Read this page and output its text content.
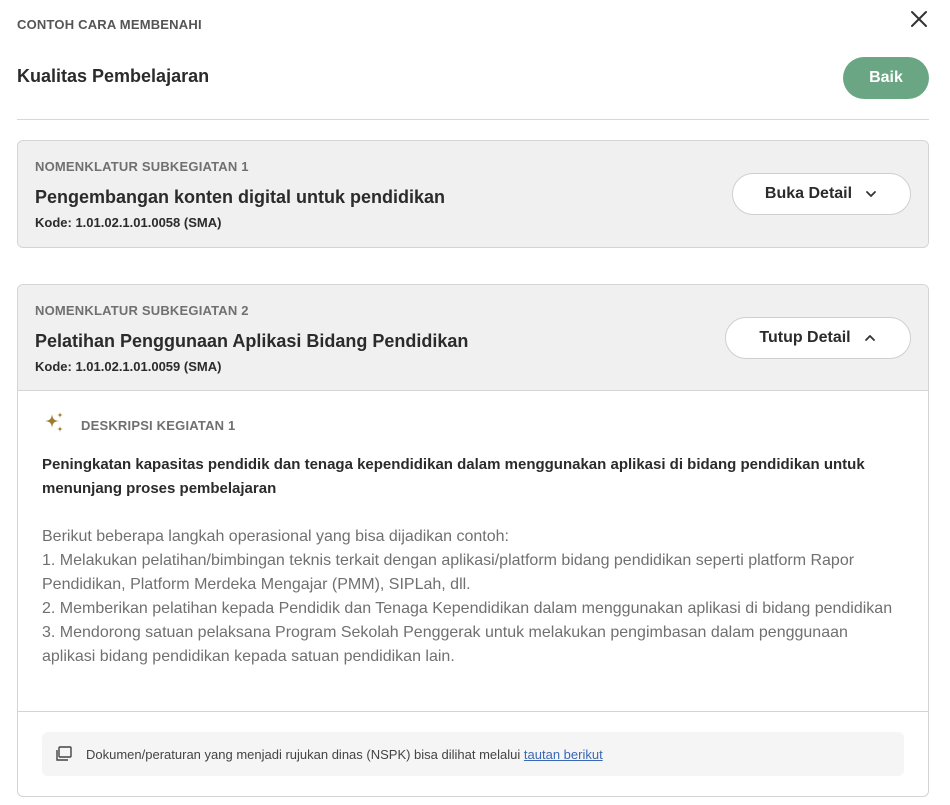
CONTOH CARA MEMBENAHI
Kualitas Pembelajaran	Baik
NOMENKLATUR SUBKEGIATAN 1
Pengembangan konten digital untuk pendidikan
Kode: 1.01.02.1.01.0058 (SMA)
Buka Detail
NOMENKLATUR SUBKEGIATAN 2
Pelatihan Penggunaan Aplikasi Bidang Pendidikan
Kode: 1.01.02.1.01.0059 (SMA)
Tutup Detail
DESKRIPSI KEGIATAN 1
Peningkatan kapasitas pendidik dan tenaga kependidikan dalam menggunakan aplikasi di bidang pendidikan untuk menunjang proses pembelajaran

Berikut beberapa langkah operasional yang bisa dijadikan contoh:

1. Melakukan pelatihan/bimbingan teknis terkait dengan aplikasi/platform bidang pendidikan seperti platform Rapor Pendidikan, Platform Merdeka Mengajar (PMM), SIPLah, dll.

2. Memberikan pelatihan kepada Pendidik dan Tenaga Kependidikan dalam menggunakan aplikasi di bidang pendidikan

3. Mendorong satuan pelaksana Program Sekolah Penggerak untuk melakukan pengimbasan dalam penggunaan aplikasi bidang pendidikan kepada satuan pendidikan lain.

Dokumen/peraturan yang menjadi rujukan dinas (NSPK) bisa dilihat melalui tautan berikut
